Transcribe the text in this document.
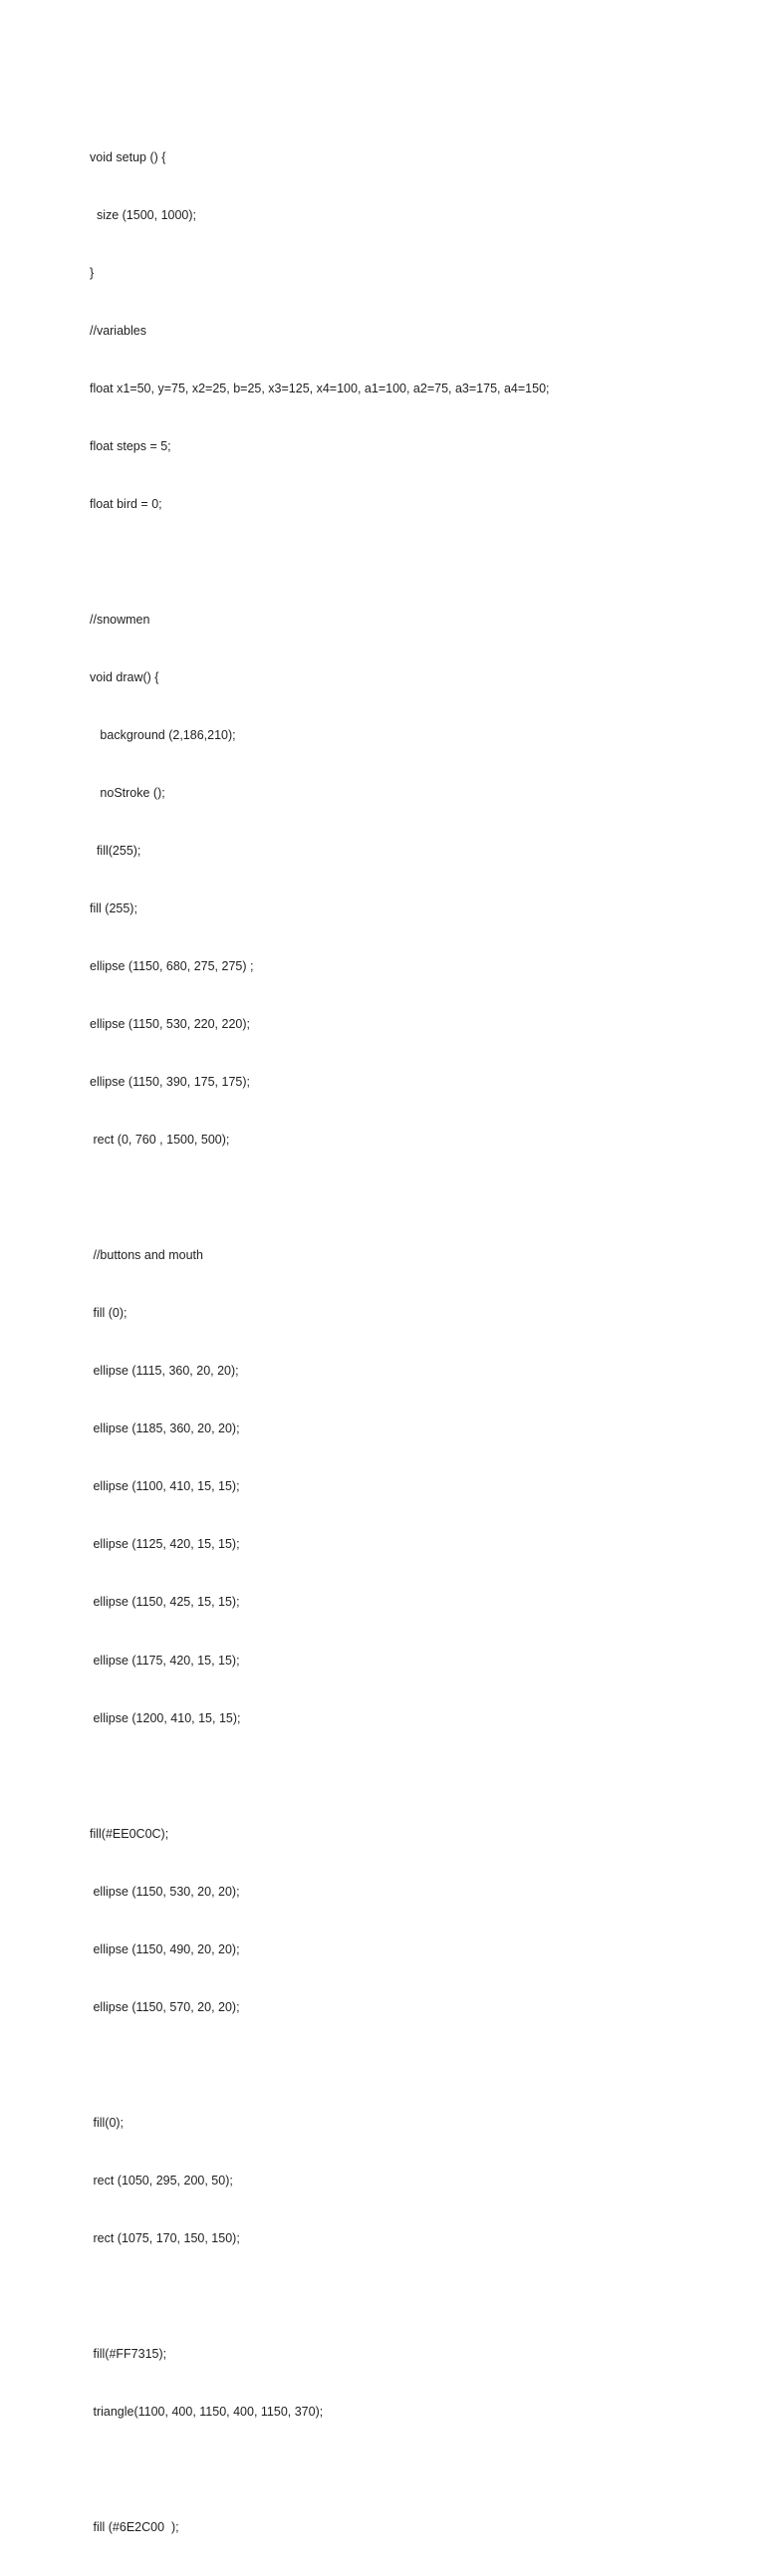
void setup () {

size (1500, 1000);

}

//variables

float x1=50, y=75, x2=25, b=25, x3=125, x4=100, a1=100, a2=75, a3=175, a4=150;

float steps = 5;

float bird = 0;

//snowmen

void draw() {

background (2,186,210);

noStroke ();

fill(255);

fill (255);

ellipse (1150, 680, 275, 275) ;

ellipse (1150, 530, 220, 220);

ellipse (1150, 390, 175, 175);

rect (0, 760 , 1500, 500);

//buttons and mouth

fill (0);

ellipse (1115, 360, 20, 20);

ellipse (1185, 360, 20, 20);

ellipse (1100, 410, 15, 15);

ellipse (1125, 420, 15, 15);

ellipse (1150, 425, 15, 15);

ellipse (1175, 420, 15, 15);

ellipse (1200, 410, 15, 15);

fill(#EE0C0C);

ellipse (1150, 530, 20, 20);

ellipse (1150, 490, 20, 20);

ellipse (1150, 570, 20, 20);

fill(0);

rect (1050, 295, 200, 50);

rect (1075, 170, 150, 150);

fill(#FF7315);

triangle(1100, 400, 1150, 400, 1150, 370);

fill (#6E2C00  );
